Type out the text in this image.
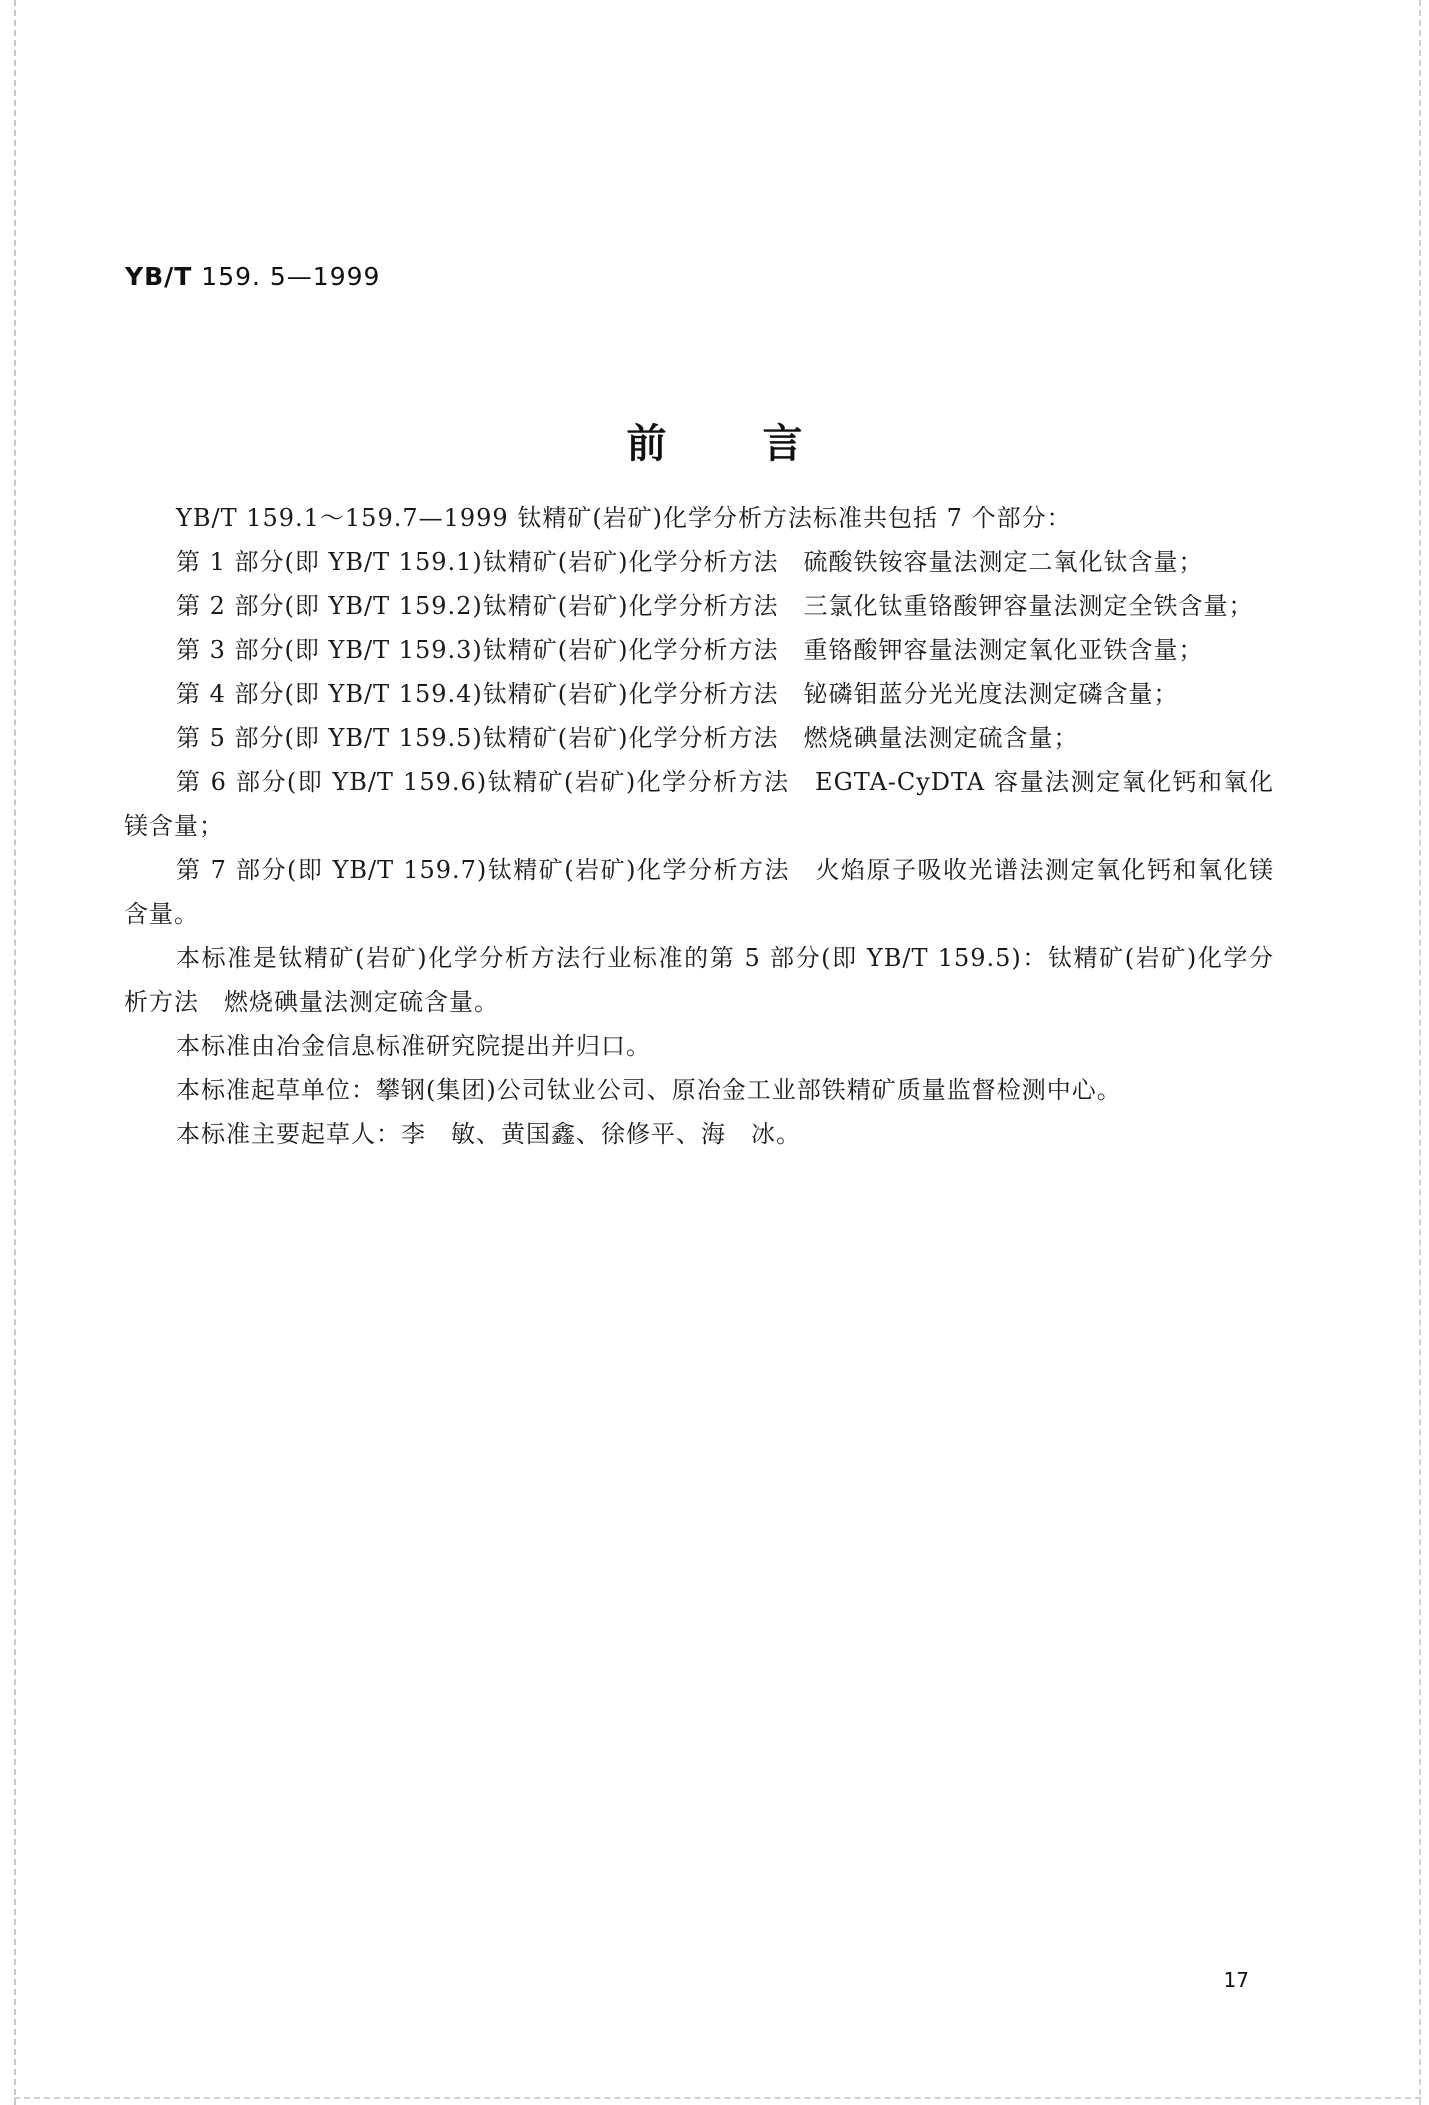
YB/T 159. 5—1999
前言

YB/T 159.1～159.7—1999 钛精矿(岩矿)化学分析方法标准共包括 7 个部分：

第 1 部分(即 YB/T 159.1)钛精矿(岩矿)化学分析方法　硫酸铁铵容量法测定二氧化钛含量；

第 2 部分(即 YB/T 159.2)钛精矿(岩矿)化学分析方法　三氯化钛重铬酸钾容量法测定全铁含量；

第 3 部分(即 YB/T 159.3)钛精矿(岩矿)化学分析方法　重铬酸钾容量法测定氧化亚铁含量；

第 4 部分(即 YB/T 159.4)钛精矿(岩矿)化学分析方法　铋磷钼蓝分光光度法测定磷含量；

第 5 部分(即 YB/T 159.5)钛精矿(岩矿)化学分析方法　燃烧碘量法测定硫含量；

第 6 部分(即 YB/T 159.6)钛精矿(岩矿)化学分析方法　EGTA-CyDTA 容量法测定氧化钙和氧化镁含量；

第 7 部分(即 YB/T 159.7)钛精矿(岩矿)化学分析方法　火焰原子吸收光谱法测定氧化钙和氧化镁含量。

本标准是钛精矿(岩矿)化学分析方法行业标准的第 5 部分(即 YB/T 159.5)：钛精矿(岩矿)化学分析方法　燃烧碘量法测定硫含量。

本标准由冶金信息标准研究院提出并归口。

本标准起草单位：攀钢(集团)公司钛业公司、原冶金工业部铁精矿质量监督检测中心。

本标准主要起草人：李　敏、黄国鑫、徐修平、海　冰。

17
